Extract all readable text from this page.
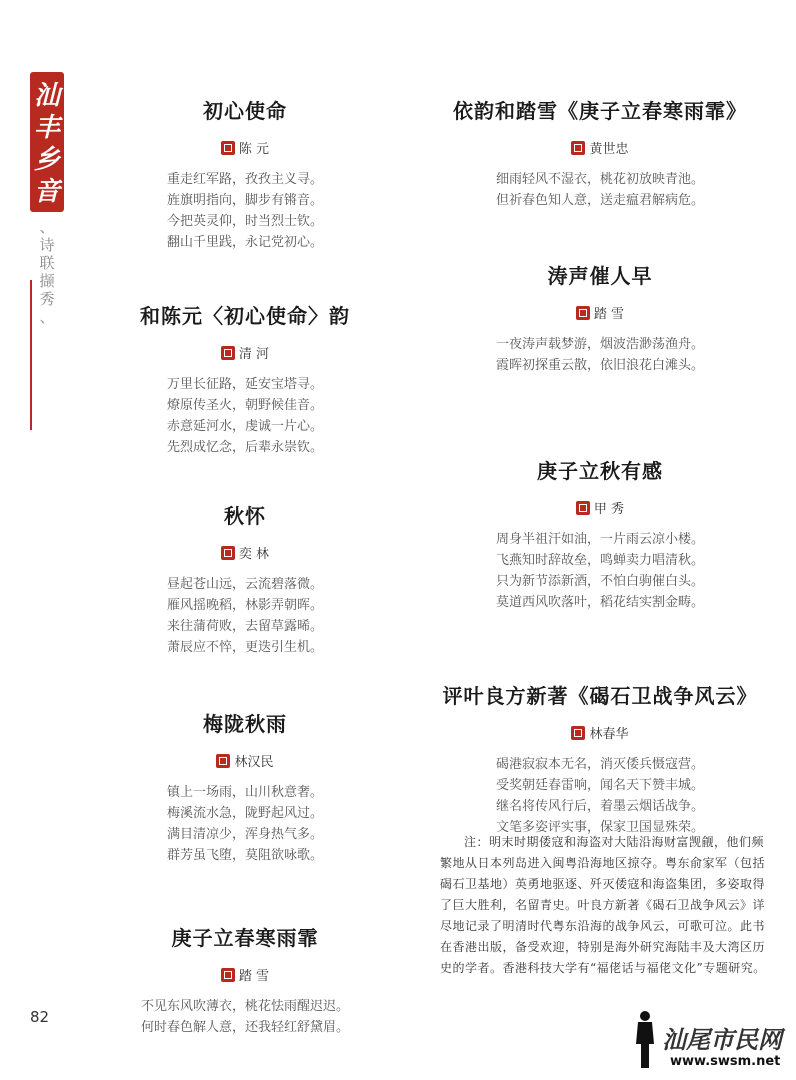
汕
丰
乡
音
、
诗
联
撷
秀
、
初心使命
陈 元
重走红军路，孜孜主义寻。
旌旗明指向，脚步有锵音。
今把英灵仰，时当烈士钦。
翻山千里践，永记党初心。
和陈元〈初心使命〉韵
清 河
万里长征路，延安宝塔寻。
燎原传圣火，朝野候佳音。
赤意延河水，虔诚一片心。
先烈成忆念，后辈永崇钦。
秋怀
奕 林
昼起苍山远，云流碧落微。
雁风摇晚稻，林影弄朝晖。
来往蒲荷败，去留草露晞。
萧辰应不悴，更迭引生机。
梅陇秋雨
林汉民
镇上一场雨，山川秋意奢。
梅溪流水急，陇野起风过。
满目清凉少，浑身热气多。
群芳虽飞堕，莫阻欲咏歌。
庚子立春寒雨霏
踏 雪
不见东风吹薄衣，桃花怯雨醒迟迟。
何时春色解人意，还我轻红舒黛眉。
依韵和踏雪《庚子立春寒雨霏》
黄世忠
细雨轻风不湿衣，桃花初放映青池。
但祈春色知人意，送走瘟君解病危。
涛声催人早
踏 雪
一夜涛声载梦游，烟波浩渺荡渔舟。
霞晖初探重云散，依旧浪花白滩头。
庚子立秋有感
甲 秀
周身半祖汗如油，一片雨云凉小楼。
飞燕知时辞故垒，鸣蝉卖力唱清秋。
只为新节添新酒，不怕白驹催白头。
莫道西风吹落叶，稻花结实割金畴。
评叶良方新著《碣石卫战争风云》
林春华
碣港寂寂本无名，消灭倭兵慑寇营。
受奖朝廷春雷响，闻名天下赞丰城。
继名将传风行后，着墨云烟话战争。
文笔多姿评实事，保家卫国显殊荣。
注：明末时期倭寇和海盗对大陆沿海财富觊觎，他们频繁地从日本列岛进入闽粤沿海地区掠夺。粤东俞家军（包括碣石卫基地）英勇地驱逐、歼灭倭寇和海盗集团，多姿取得了巨大胜利，名留青史。叶良方新著《碣石卫战争风云》详尽地记录了明清时代粤东沿海的战争风云，可歌可泣。此书在香港出版，备受欢迎，特别是海外研究海陆丰及大湾区历史的学者。香港科技大学有“福佬话与福佬文化”专题研究。
82
汕尾市民网
www.swsm.net
